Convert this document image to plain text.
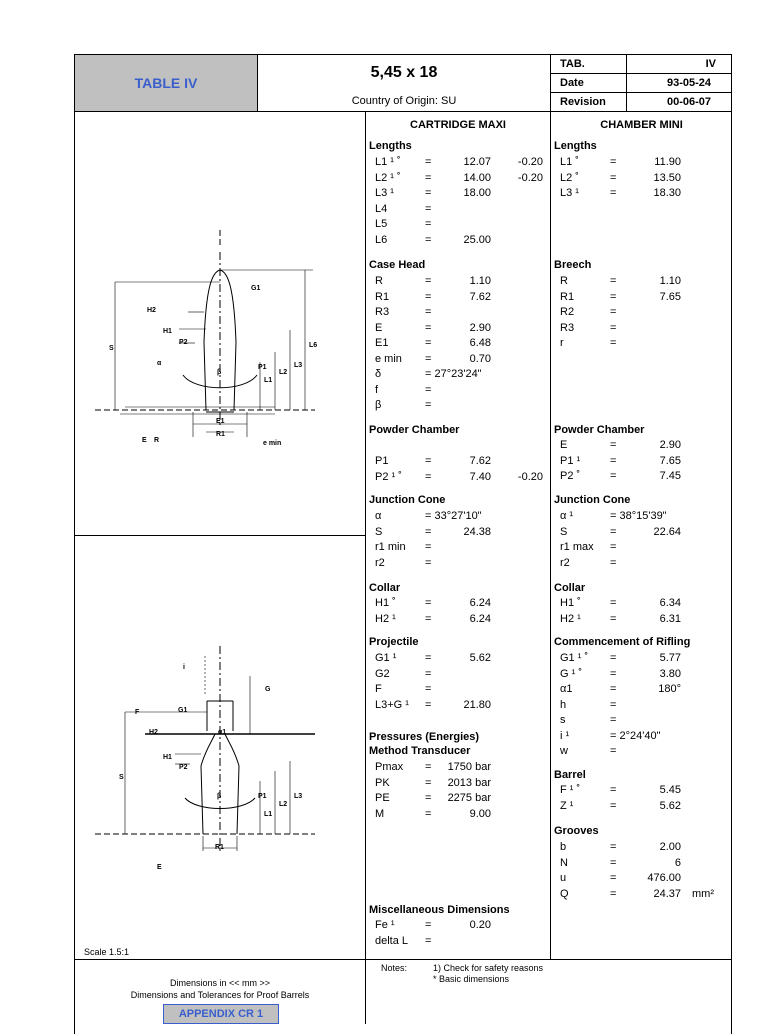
TABLE IV
5,45 x 18
Country of Origin: SU
TAB.	IV
Date	93-05-24
Revision	00-06-07
CARTRIDGE MAXI	CHAMBER MINI
Lengths
L1 ¹ ˚ =	12.07	-0.20
L2 ¹ ˚ =	14.00	-0.20
L3 ¹	=	18.00
L4	=
L5	=
L6	=	25.00
Case Head
R	=	1.10
R1	=	7.62
R3	=
E	=	2.90
E1	=	6.48
e min =	0.70
δ	= 27°23'24"
f	=
β	=
Powder Chamber
P1	=	7.62
P2 ¹ ˚ =	7.40	-0.20
Junction Cone
α	= 33°27'10"
S	=	24.38
r1 min =
r2	=
Collar
H1 ˚	=	6.24
H2 ¹	=	6.24
Projectile
G1 ¹	=	5.62
G2	=
F	=
L3+G ¹ =	21.80
Pressures (Energies)
Method Transducer
Pmax =	1750 bar
PK	=	2013 bar
PE	=	2275 bar
M	=	9.00
Miscellaneous Dimensions
Fe ¹	=	0.20
delta L =
Lengths
L1 ˚	=	11.90
L2 ˚	=	13.50
L3 ¹	=	18.30
Breech
R	=	1.10
R1	=	7.65
R2	=
R3	=
r	=
Powder Chamber
E	=	2.90
P1 ¹	=	7.65
P2 ˚	=	7.45
Junction Cone
α ¹	= 38°15'39"
S	=	22.64
r1 max =
r2	=
Collar
H1 ˚	=	6.34
H2 ¹	=	6.31
Commencement of Rifling
G1 ¹ ˚ =	5.77
G ¹ ˚	=	3.80
α1	=	180°
h	=
s	=
i ¹	= 2°24'40"
w	=
Barrel
F ¹ ˚	=	5.45
Z ¹	=	5.62
Grooves
b	=	2.00
N	=	6
u	=	476.00
Q	=	24.37 mm²
H2
H1
P2
G1
S
α
β
P1
L1
L2
L3
L6
E1
R1
E R	e min
i
G
F	G1
H2	α1
H1
P2
S
β	P1
L1
L2
L3
R1
E
Scale 1.5:1
Dimensions in << mm >>
Dimensions and Tolerances for Proof Barrels
APPENDIX CR 1
Notes:	1) Check for safety reasons
* Basic dimensions
